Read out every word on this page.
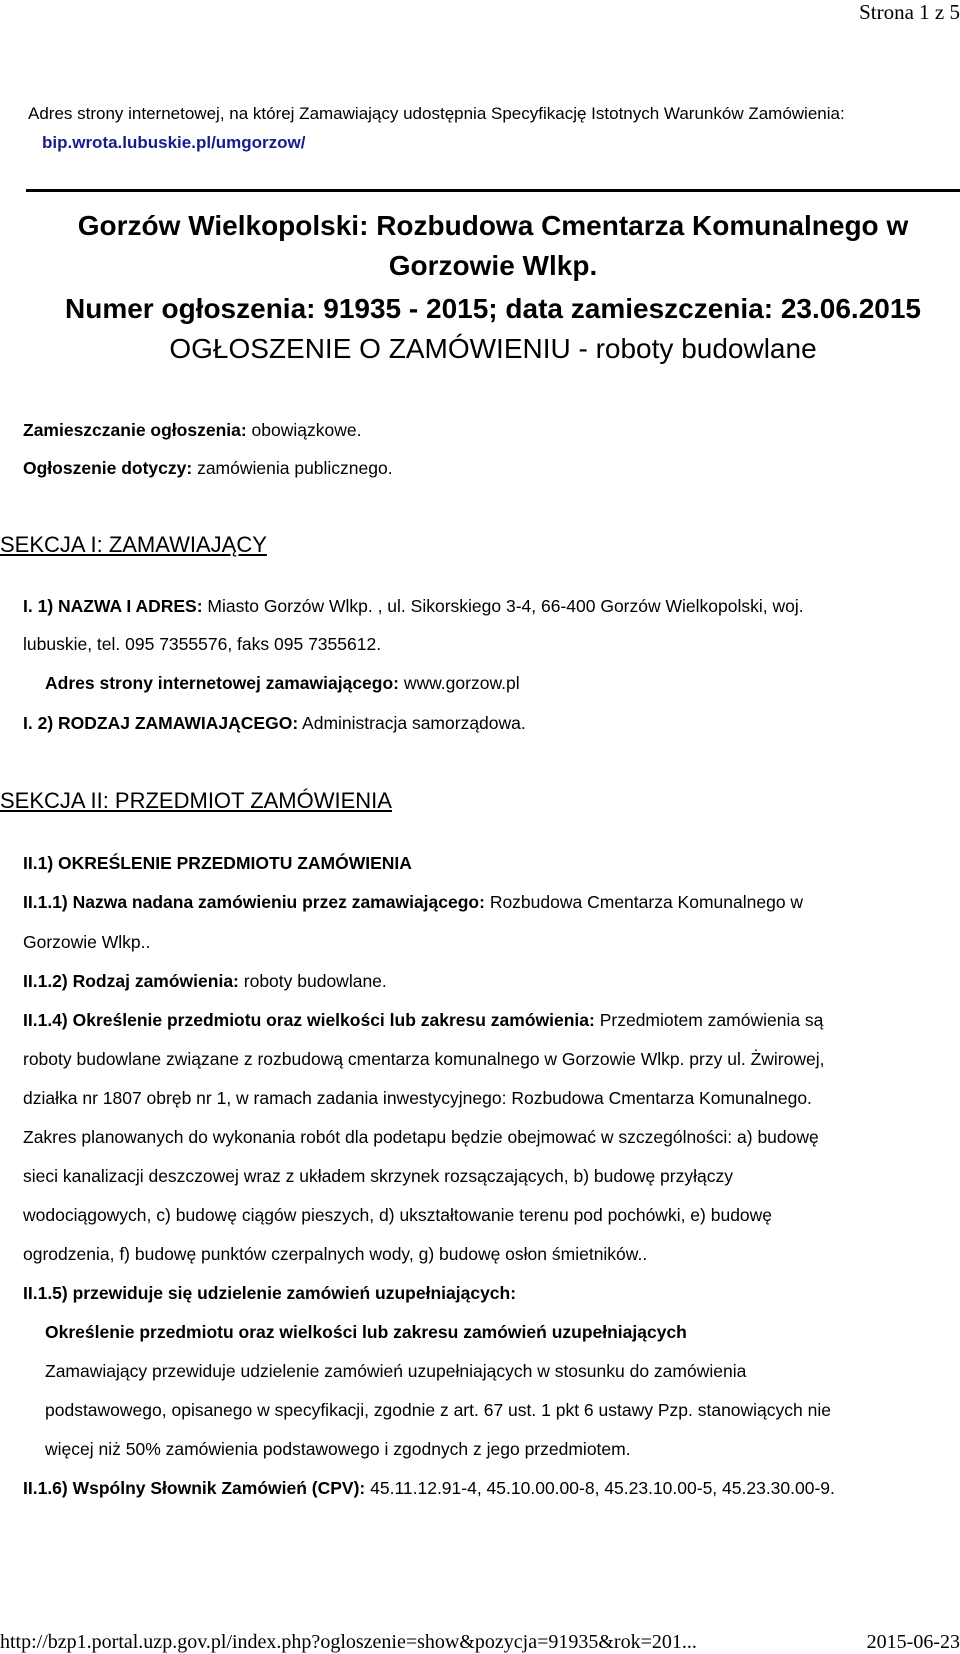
Strona 1 z 5
Adres strony internetowej, na której Zamawiający udostępnia Specyfikację Istotnych Warunków Zamówienia:
bip.wrota.lubuskie.pl/umgorzow/
Gorzów Wielkopolski: Rozbudowa Cmentarza Komunalnego w
Gorzowie Wlkp.
Numer ogłoszenia: 91935 - 2015; data zamieszczenia: 23.06.2015
OGŁOSZENIE O ZAMÓWIENIU - roboty budowlane
Zamieszczanie ogłoszenia: obowiązkowe.
Ogłoszenie dotyczy: zamówienia publicznego.
SEKCJA I: ZAMAWIAJĄCY
I. 1) NAZWA I ADRES: Miasto Gorzów Wlkp. , ul. Sikorskiego 3-4, 66-400 Gorzów Wielkopolski, woj.
lubuskie, tel. 095 7355576, faks 095 7355612.
Adres strony internetowej zamawiającego: www.gorzow.pl
I. 2) RODZAJ ZAMAWIAJĄCEGO: Administracja samorządowa.
SEKCJA II: PRZEDMIOT ZAMÓWIENIA
II.1) OKREŚLENIE PRZEDMIOTU ZAMÓWIENIA
II.1.1) Nazwa nadana zamówieniu przez zamawiającego: Rozbudowa Cmentarza Komunalnego w
Gorzowie Wlkp..
II.1.2) Rodzaj zamówienia: roboty budowlane.
II.1.4) Określenie przedmiotu oraz wielkości lub zakresu zamówienia: Przedmiotem zamówienia są
roboty budowlane związane z rozbudową cmentarza komunalnego w Gorzowie Wlkp. przy ul. Żwirowej,
działka nr 1807 obręb nr 1, w ramach zadania inwestycyjnego: Rozbudowa Cmentarza Komunalnego.
Zakres planowanych do wykonania robót dla podetapu będzie obejmować w szczególności: a) budowę
sieci kanalizacji deszczowej wraz z układem skrzynek rozsączających, b) budowę przyłączy
wodociągowych, c) budowę ciągów pieszych, d) ukształtowanie terenu pod pochówki, e) budowę
ogrodzenia, f) budowę punktów czerpalnych wody, g) budowę osłon śmietników..
II.1.5) przewiduje się udzielenie zamówień uzupełniających:
Określenie przedmiotu oraz wielkości lub zakresu zamówień uzupełniających
Zamawiający przewiduje udzielenie zamówień uzupełniających w stosunku do zamówienia
podstawowego, opisanego w specyfikacji, zgodnie z art. 67 ust. 1 pkt 6 ustawy Pzp. stanowiących nie
więcej niż 50% zamówienia podstawowego i zgodnych z jego przedmiotem.
II.1.6) Wspólny Słownik Zamówień (CPV): 45.11.12.91-4, 45.10.00.00-8, 45.23.10.00-5, 45.23.30.00-9.
http://bzp1.portal.uzp.gov.pl/index.php?ogloszenie=show&pozycja=91935&rok=201...	2015-06-23
